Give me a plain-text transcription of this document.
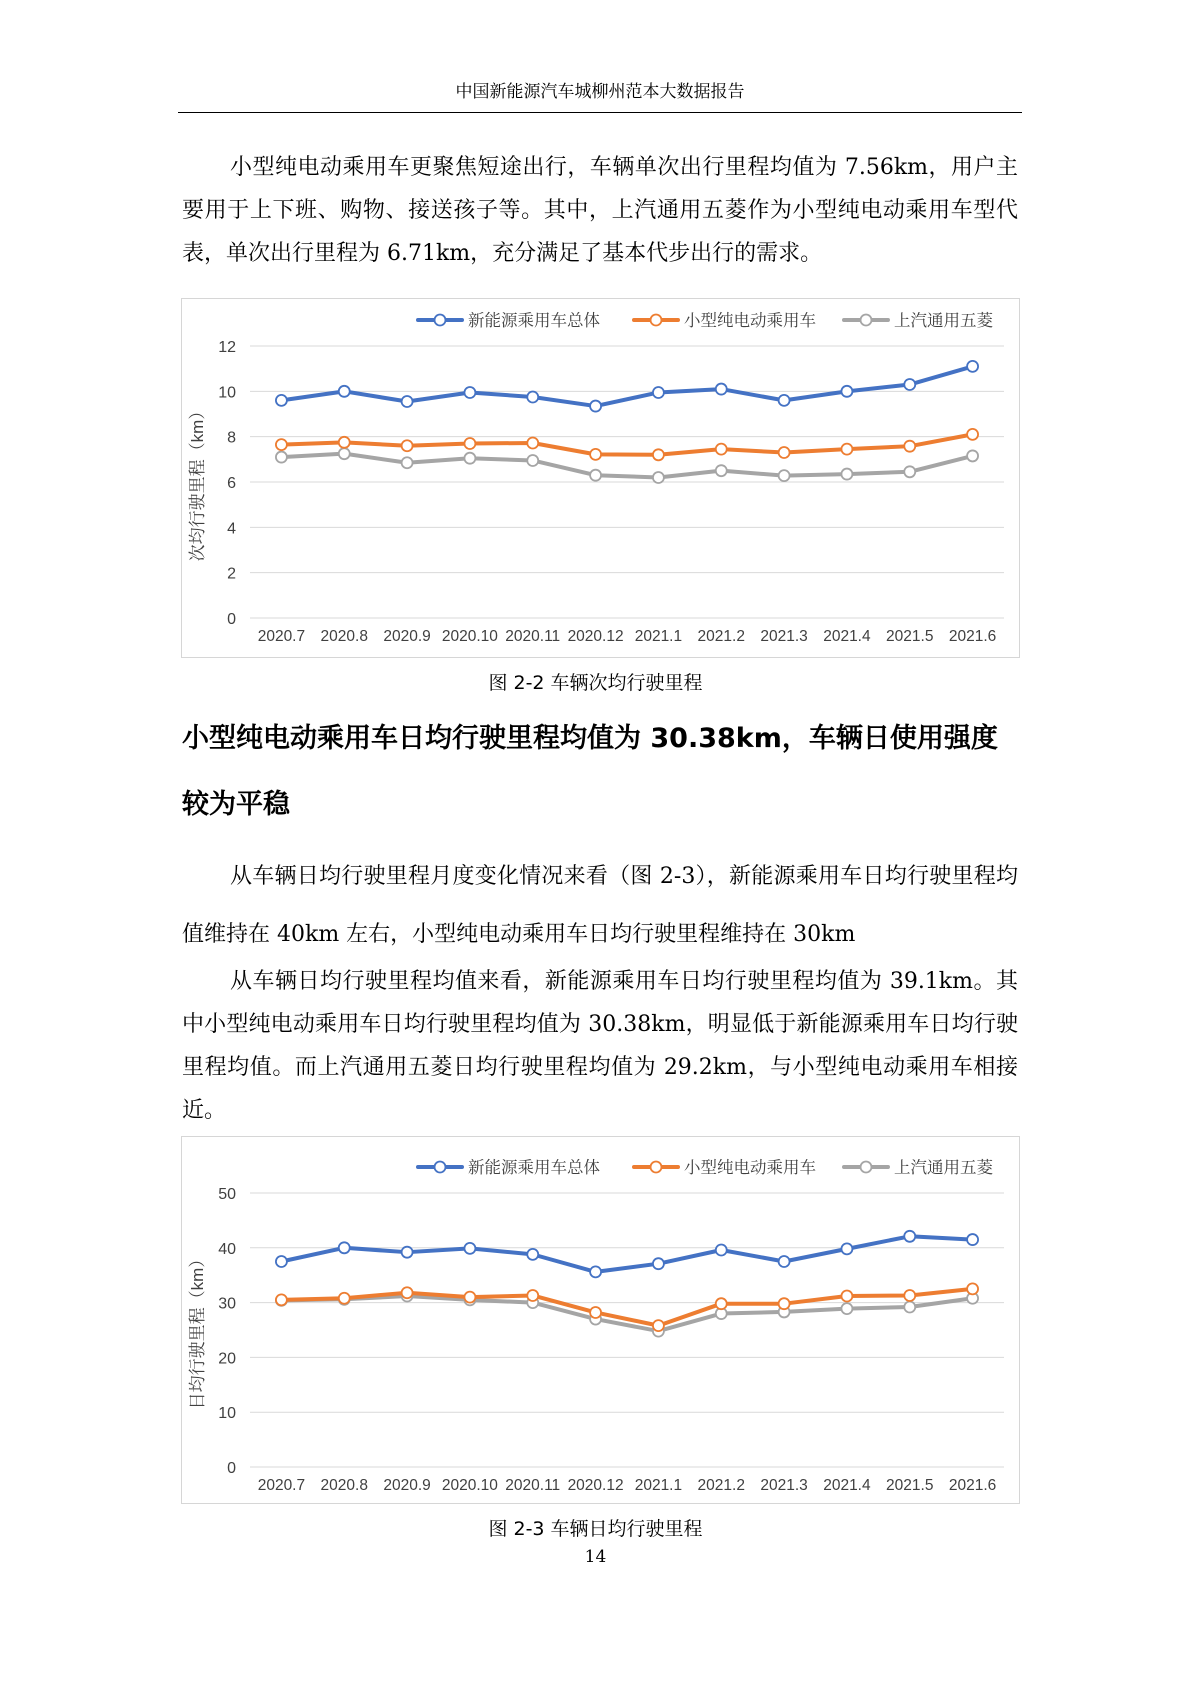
中国新能源汽车城柳州范本大数据报告

小型纯电动乘用车更聚焦短途出行，车辆单次出行里程均值为 7.56km，用户主要用于上下班、购物、接送孩子等。其中，上汽通用五菱作为小型纯电动乘用车型代表，单次出行里程为 6.71km，充分满足了基本代步出行的需求。

0
2
4
6
8
10
12
2020.7 2020.8 2020.9 2020.10 2020.11 2020.12 2021.1 2021.2 2021.3 2021.4 2021.5 2021.6
次均行驶里程（km）
新能源乘用车总体	小型纯电动乘用车	上汽通用五菱
图 2-2 车辆次均行驶里程

小型纯电动乘用车日均行驶里程均值为 30.38km，车辆日使用强度

较为平稳

从车辆日均行驶里程月度变化情况来看（图 2-3），新能源乘用车日均行驶里程均值维持在 40km 左右，小型纯电动乘用车日均行驶里程维持在 30km

从车辆日均行驶里程均值来看，新能源乘用车日均行驶里程均值为 39.1km。其中小型纯电动乘用车日均行驶里程均值为 30.38km，明显低于新能源乘用车日均行驶里程均值。而上汽通用五菱日均行驶里程均值为 29.2km，与小型纯电动乘用车相接近。

0
10
20
30
40
50
2020.7 2020.8 2020.9 2020.10 2020.11 2020.12 2021.1 2021.2 2021.3 2021.4 2021.5 2021.6
日均行驶里程（km）
新能源乘用车总体	小型纯电动乘用车	上汽通用五菱
图 2-3 车辆日均行驶里程
14
